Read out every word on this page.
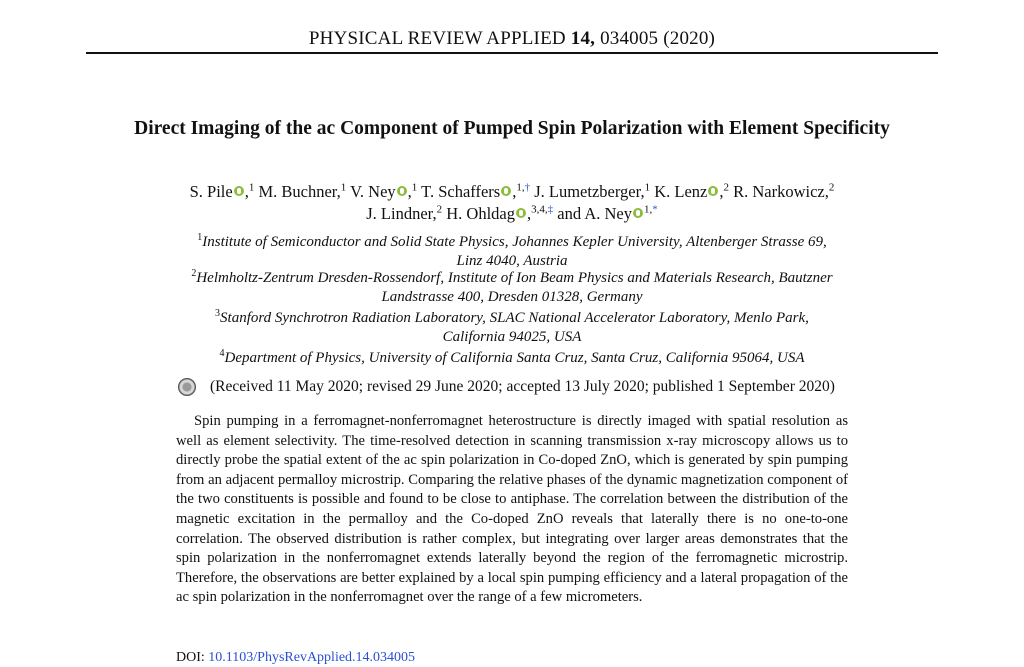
PHYSICAL REVIEW APPLIED 14, 034005 (2020)
Direct Imaging of the ac Component of Pumped Spin Polarization with Element Specificity
S. Pile ,$^1$ M. Buchner,$^1$ V. Ney ,$^1$ T. Schaffers ,$^{1,\dagger}$ J. Lumetzberger,$^1$ K. Lenz ,$^2$ R. Narkowicz,$^2$
J. Lindner,$^2$ H. Ohldag ,$^{3,4,\ddagger}$ and A. Ney $^{1,*}$
$^1$Institute of Semiconductor and Solid State Physics, Johannes Kepler University, Altenberger Strasse 69,
Linz 4040, Austria
$^2$Helmholtz-Zentrum Dresden-Rossendorf, Institute of Ion Beam Physics and Materials Research, Bautzner
Landstrasse 400, Dresden 01328, Germany
$^3$Stanford Synchrotron Radiation Laboratory, SLAC National Accelerator Laboratory, Menlo Park,
California 94025, USA
$^4$Department of Physics, University of California Santa Cruz, Santa Cruz, California 95064, USA
(Received 11 May 2020; revised 29 June 2020; accepted 13 July 2020; published 1 September 2020)
Spin pumping in a ferromagnet-nonferromagnet heterostructure is directly imaged with spatial resolution as well as element selectivity. The time-resolved detection in scanning transmission x-ray microscopy allows us to directly probe the spatial extent of the ac spin polarization in Co-doped ZnO, which is generated by spin pumping from an adjacent permalloy microstrip. Comparing the relative phases of the dynamic magnetization component of the two constituents is possible and found to be close to antiphase. The correlation between the distribution of the magnetic excitation in the permalloy and the Co-doped ZnO reveals that laterally there is no one-to-one correlation. The observed distribution is rather complex, but integrating over larger areas demonstrates that the spin polarization in the nonferromagnet extends laterally beyond the region of the ferromagnetic microstrip. Therefore, the observations are better explained by a local spin pumping efficiency and a lateral propagation of the ac spin polarization in the nonferromagnet over the range of a few micrometers.
DOI: 10.1103/PhysRevApplied.14.034005
